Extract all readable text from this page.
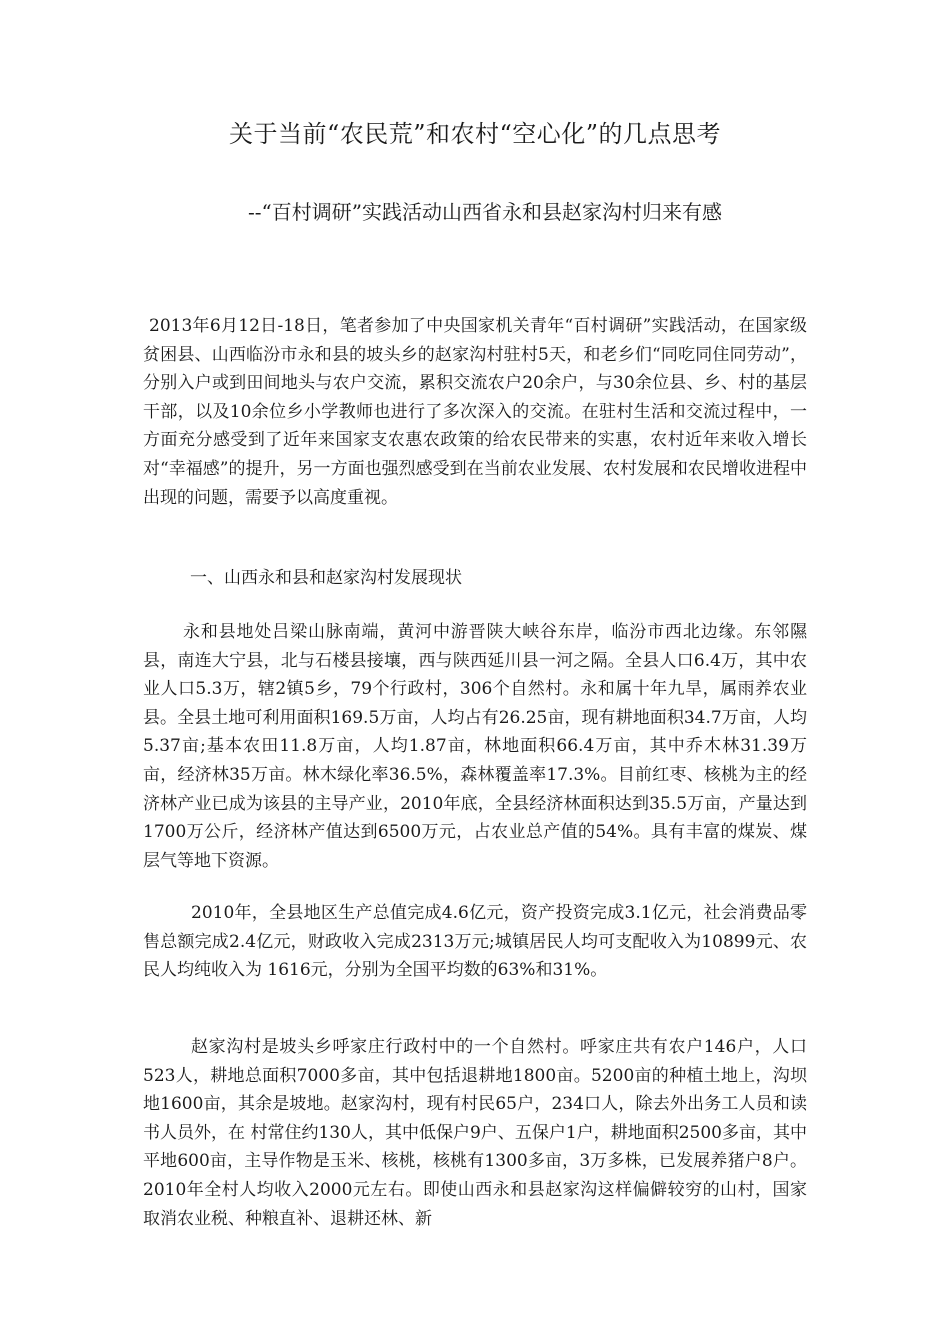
关于当前“农民荒”和农村“空心化”的几点思考
--“百村调研”实践活动山西省永和县赵家沟村归来有感
2013年6月12日-18日，笔者参加了中央国家机关青年“百村调研”实践活动，在国家级贫困县、山西临汾市永和县的坡头乡的赵家沟村驻村5天，和老乡们“同吃同住同劳动”，分别入户或到田间地头与农户交流，累积交流农户20余户，与30余位县、乡、村的基层干部，以及10余位乡小学教师也进行了多次深入的交流。在驻村生活和交流过程中，一方面充分感受到了近年来国家支农惠农政策的给农民带来的实惠，农村近年来收入增长对“幸福感”的提升，另一方面也强烈感受到在当前农业发展、农村发展和农民增收进程中出现的问题，需要予以高度重视。
一、山西永和县和赵家沟村发展现状
永和县地处吕梁山脉南端，黄河中游晋陕大峡谷东岸，临汾市西北边缘。东邻隰县，南连大宁县，北与石楼县接壤，西与陕西延川县一河之隔。全县人口6.4万，其中农业人口5.3万，辖2镇5乡，79个行政村，306个自然村。永和属十年九旱，属雨养农业县。全县土地可利用面积169.5万亩，人均占有26.25亩，现有耕地面积34.7万亩，人均5.37亩;基本农田11.8万亩，人均1.87亩，林地面积66.4万亩，其中乔木林31.39万亩，经济林35万亩。林木绿化率36.5%，森林覆盖率17.3%。目前红枣、核桃为主的经济林产业已成为该县的主导产业，2010年底，全县经济林面积达到35.5万亩，产量达到1700万公斤，经济林产值达到6500万元，占农业总产值的54%。具有丰富的煤炭、煤层气等地下资源。
2010年，全县地区生产总值完成4.6亿元，资产投资完成3.1亿元，社会消费品零售总额完成2.4亿元，财政收入完成2313万元;城镇居民人均可支配收入为10899元、农民人均纯收入为 1616元，分别为全国平均数的63%和31%。
赵家沟村是坡头乡呼家庄行政村中的一个自然村。呼家庄共有农户146户，人口523人，耕地总面积7000多亩，其中包括退耕地1800亩。5200亩的种植土地上，沟坝地1600亩，其余是坡地。赵家沟村，现有村民65户，234口人，除去外出务工人员和读书人员外，在 村常住约130人，其中低保户9户、五保户1户，耕地面积2500多亩，其中平地600亩，主导作物是玉米、核桃，核桃有1300多亩，3万多株，已发展养猪户8户。2010年全村人均收入2000元左右。即使山西永和县赵家沟这样偏僻较穷的山村，国家取消农业税、种粮直补、退耕还林、新
